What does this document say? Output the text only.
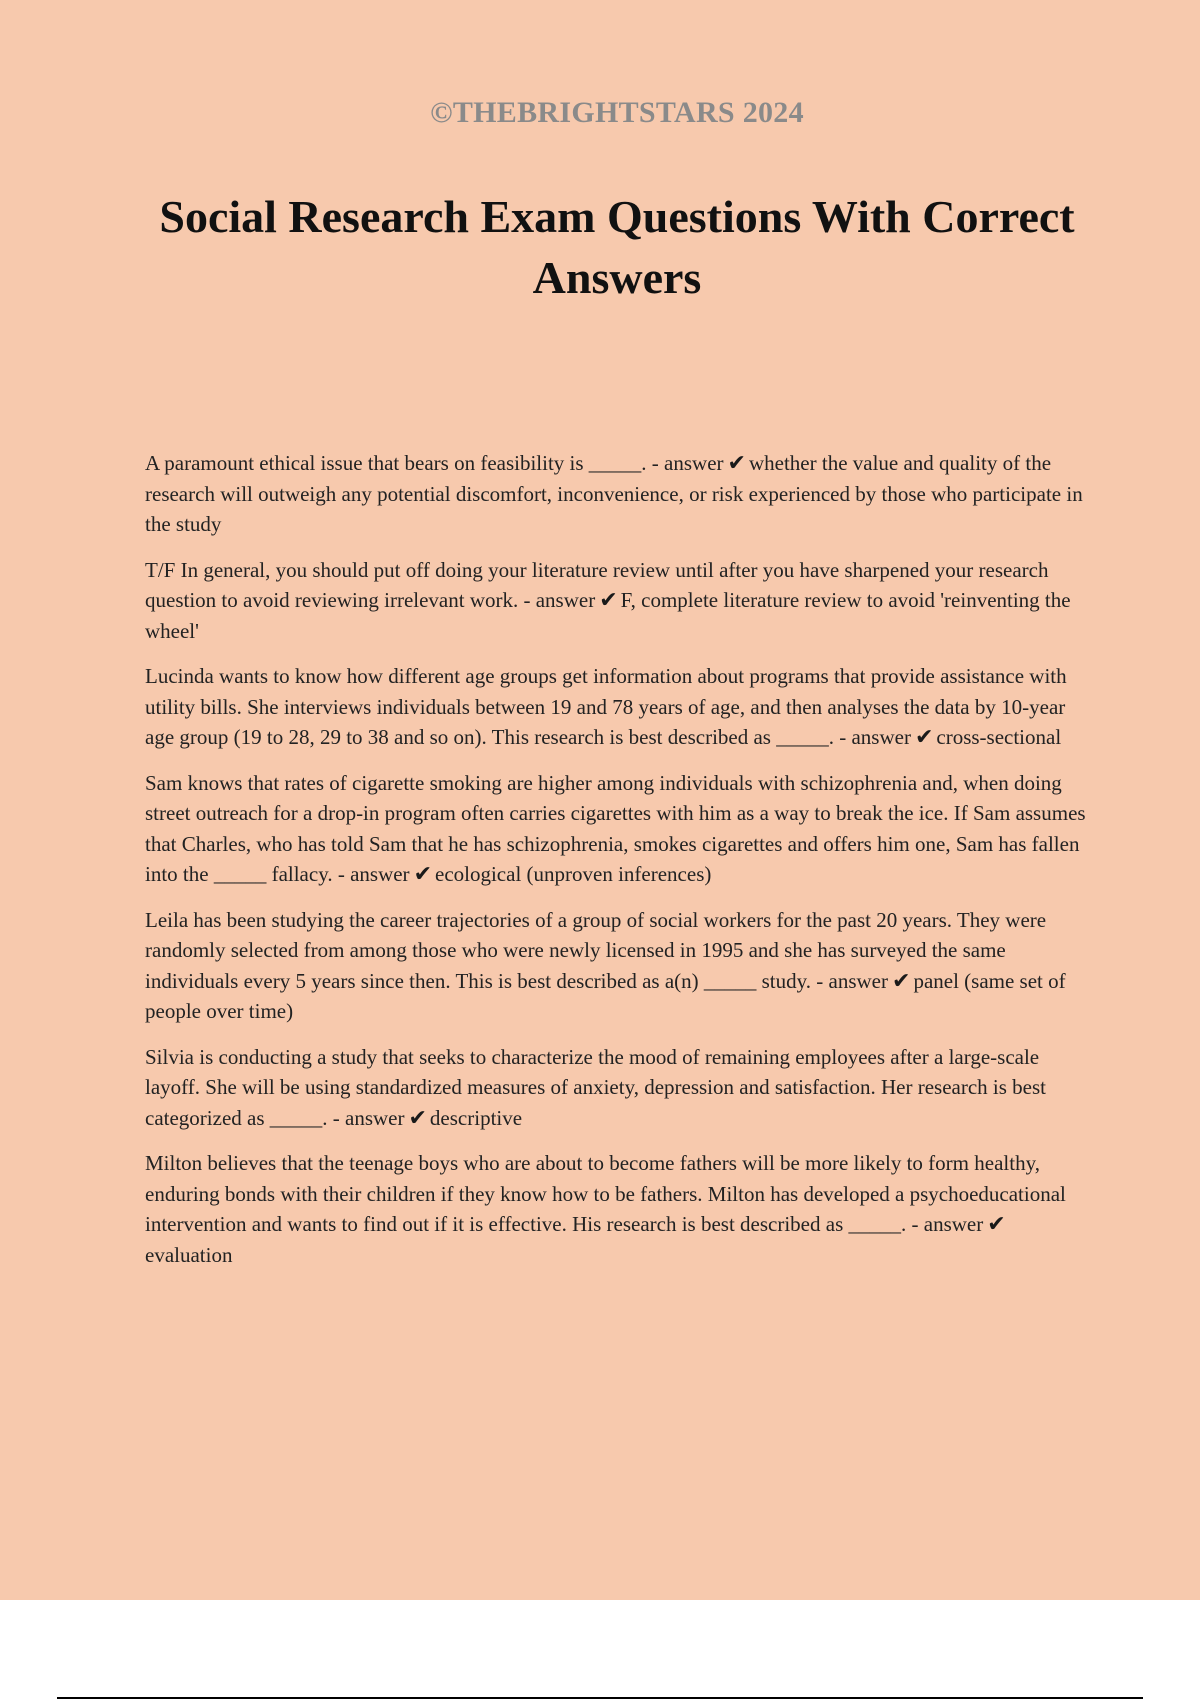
©THEBRIGHTSTARS 2024
Social Research Exam Questions With Correct Answers
A paramount ethical issue that bears on feasibility is _____. - answer ✔ whether the value and quality of the research will outweigh any potential discomfort, inconvenience, or risk experienced by those who participate in the study
T/F In general, you should put off doing your literature review until after you have sharpened your research question to avoid reviewing irrelevant work. - answer ✔ F, complete literature review to avoid 'reinventing the wheel'
Lucinda wants to know how different age groups get information about programs that provide assistance with utility bills. She interviews individuals between 19 and 78 years of age, and then analyses the data by 10-year age group (19 to 28, 29 to 38 and so on). This research is best described as _____. - answer ✔ cross-sectional
Sam knows that rates of cigarette smoking are higher among individuals with schizophrenia and, when doing street outreach for a drop-in program often carries cigarettes with him as a way to break the ice. If Sam assumes that Charles, who has told Sam that he has schizophrenia, smokes cigarettes and offers him one, Sam has fallen into the _____ fallacy. - answer ✔ ecological (unproven inferences)
Leila has been studying the career trajectories of a group of social workers for the past 20 years. They were randomly selected from among those who were newly licensed in 1995 and she has surveyed the same individuals every 5 years since then. This is best described as a(n) _____ study. - answer ✔ panel (same set of people over time)
Silvia is conducting a study that seeks to characterize the mood of remaining employees after a large-scale layoff. She will be using standardized measures of anxiety, depression and satisfaction. Her research is best categorized as _____. - answer ✔ descriptive
Milton believes that the teenage boys who are about to become fathers will be more likely to form healthy, enduring bonds with their children if they know how to be fathers. Milton has developed a psychoeducational intervention and wants to find out if it is effective. His research is best described as _____. - answer ✔evaluation
